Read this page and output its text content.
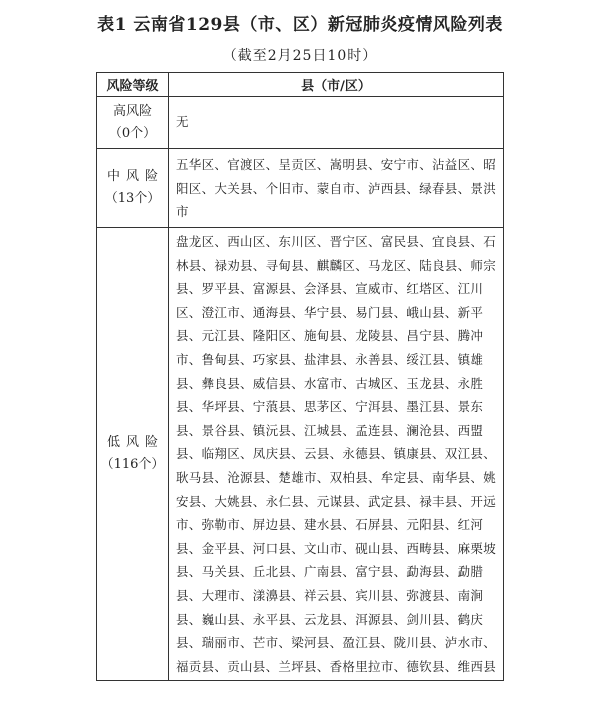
表1 云南省129县（市、区）新冠肺炎疫情风险列表
（截至2月25日10时）
风险等级	县（市/区）

高风险
（0个）	无

中风险
（13个）	五华区、官渡区、呈贡区、嵩明县、安宁市、沾益区、昭阳区、大关县、个旧市、蒙自市、泸西县、绿春县、景洪市

低风险
（116个）	盘龙区、西山区、东川区、晋宁区、富民县、宜良县、石林县、禄劝县、寻甸县、麒麟区、马龙区、陆良县、师宗县、罗平县、富源县、会泽县、宣威市、红塔区、江川区、澄江市、通海县、华宁县、易门县、峨山县、新平县、元江县、隆阳区、施甸县、龙陵县、昌宁县、腾冲市、鲁甸县、巧家县、盐津县、永善县、绥江县、镇雄县、彝良县、威信县、水富市、古城区、玉龙县、永胜县、华坪县、宁蒗县、思茅区、宁洱县、墨江县、景东县、景谷县、镇沅县、江城县、孟连县、澜沧县、西盟县、临翔区、凤庆县、云县、永德县、镇康县、双江县、耿马县、沧源县、楚雄市、双柏县、牟定县、南华县、姚安县、大姚县、永仁县、元谋县、武定县、禄丰县、开远市、弥勒市、屏边县、建水县、石屏县、元阳县、红河县、金平县、河口县、文山市、砚山县、西畴县、麻栗坡县、马关县、丘北县、广南县、富宁县、勐海县、勐腊县、大理市、漾濞县、祥云县、宾川县、弥渡县、南涧县、巍山县、永平县、云龙县、洱源县、剑川县、鹤庆县、瑞丽市、芒市、梁河县、盈江县、陇川县、泸水市、福贡县、贡山县、兰坪县、香格里拉市、德钦县、维西县
